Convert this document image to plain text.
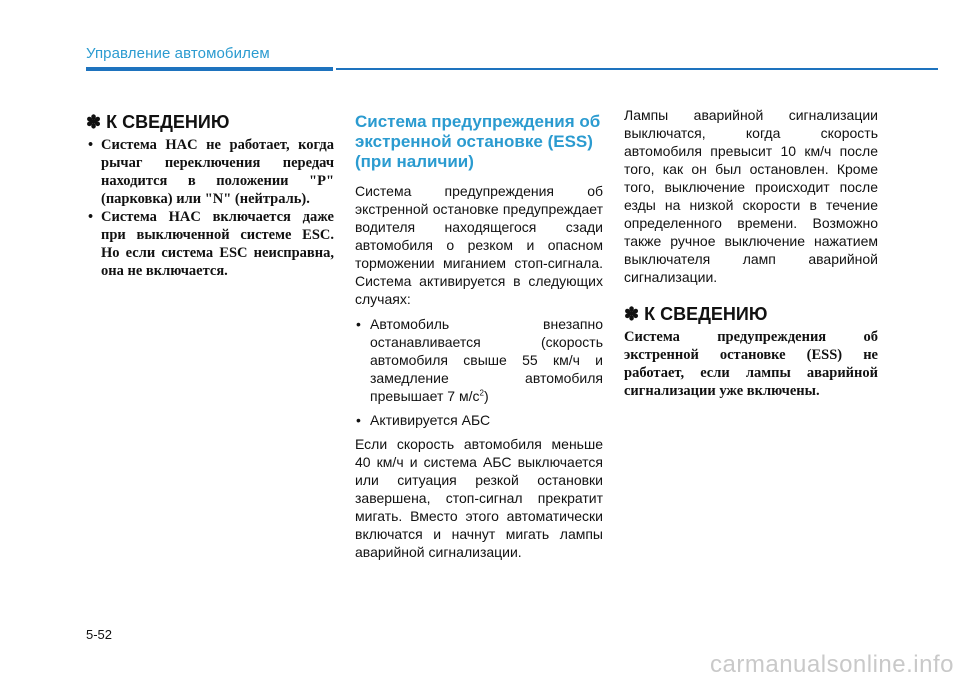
Управление автомобилем
✽ К СВЕДЕНИЮ
• Система HAC не работает, когда рычаг переключения передач находится в положении "P" (парковка) или "N" (нейтраль).
• Система HAC включается даже при выключенной системе ESC. Но если система ESC неисправна, она не включается.
Система предупреждения об экстренной остановке (ESS) (при наличии)

Система предупреждения об экстренной остановке предупреждает водителя находящегося сзади автомобиля о резком и опасном торможении миганием стоп-сигнала. Система активируется в следующих случаях:

• Автомобиль внезапно останавливается (скорость автомобиля свыше 55 км/ч и замедление автомобиля превышает 7 $м/с^2$)
• Активируется АБС

Если скорость автомобиля меньше 40 км/ч и система АБС выключается или ситуация резкой остановки завершена, стоп-сигнал прекратит мигать. Вместо этого автоматически включатся и начнут мигать лампы аварийной сигнализации.

Лампы аварийной сигнализации выключатся, когда скорость автомобиля превысит 10 км/ч после того, как он был остановлен. Кроме того, выключение происходит после езды на низкой скорости в течение определенного времени. Возможно также ручное выключение нажатием выключателя ламп аварийной сигнализации.

✽ К СВЕДЕНИЮ

Система предупреждения об экстренной остановке (ESS) не работает, если лампы аварийной сигнализации уже включены.

5-52
carmanualsonline.info
